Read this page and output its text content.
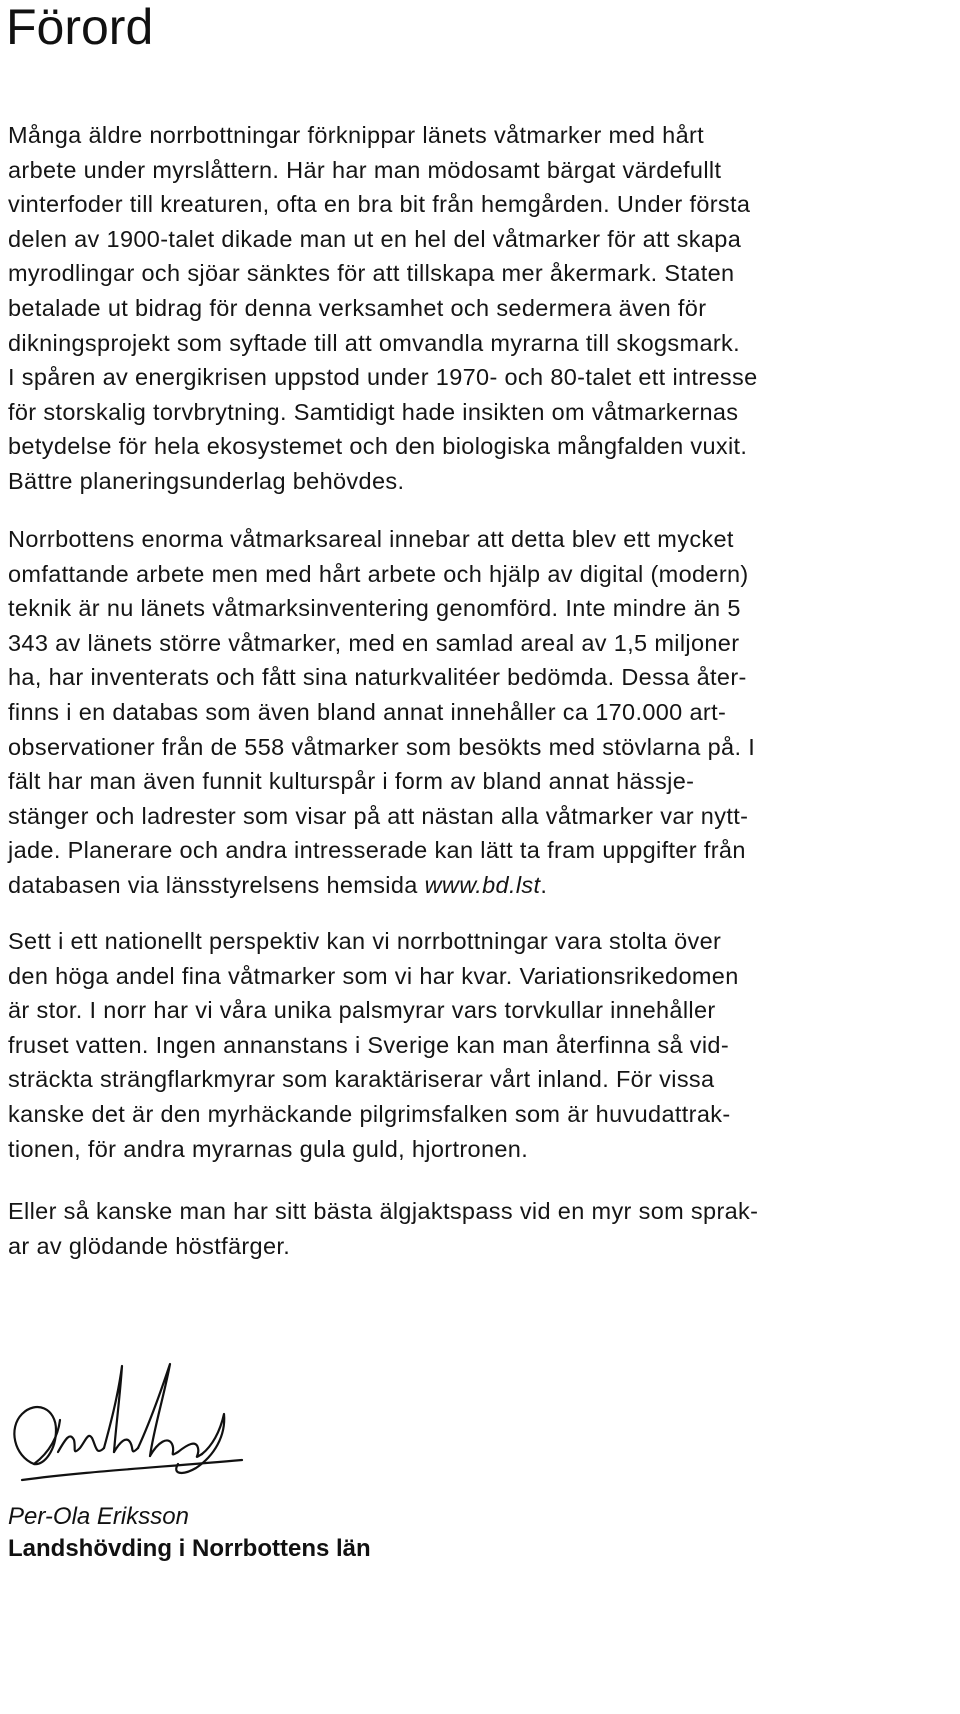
Förord

Många äldre norrbottningar förknippar länets våtmarker med hårt
arbete under myrslåttern. Här har man mödosamt bärgat värdefullt
vinterfoder till kreaturen, ofta en bra bit från hemgården. Under första
delen av 1900-talet dikade man ut en hel del våtmarker för att skapa
myrodlingar och sjöar sänktes för att tillskapa mer åkermark. Staten
betalade ut bidrag för denna verksamhet och sedermera även för
dikningsprojekt som syftade till att omvandla myrarna till skogsmark.
I spåren av energikrisen uppstod under 1970- och 80-talet ett intresse
för storskalig torvbrytning. Samtidigt hade insikten om våtmarkernas
betydelse för hela ekosystemet och den biologiska mångfalden vuxit.
Bättre planeringsunderlag behövdes.

Norrbottens enorma våtmarksareal innebar att detta blev ett mycket
omfattande arbete men med hårt arbete och hjälp av digital (modern)
teknik är nu länets våtmarksinventering genomförd. Inte mindre än 5
343 av länets större våtmarker, med en samlad areal av 1,5 miljoner
ha, har inventerats och fått sina naturkvalitéer bedömda. Dessa åter-
finns i en databas som även bland annat innehåller ca 170.000 art-
observationer från de 558 våtmarker som besökts med stövlarna på. I
fält har man även funnit kulturspår i form av bland annat hässje-
stänger och ladrester som visar på att nästan alla våtmarker var nytt-
jade. Planerare och andra intresserade kan lätt ta fram uppgifter från
databasen via länsstyrelsens hemsida www.bd.lst.

Sett i ett nationellt perspektiv kan vi norrbottningar vara stolta över
den höga andel fina våtmarker som vi har kvar. Variationsrikedomen
är stor. I norr har vi våra unika palsmyrar vars torvkullar innehåller
fruset vatten. Ingen annanstans i Sverige kan man återfinna så vid-
sträckta strängflarkmyrar som karaktäriserar vårt inland. För vissa
kanske det är den myrhäckande pilgrimsfalken som är huvudattrak-
tionen, för andra myrarnas gula guld, hjortronen.

Eller så kanske man har sitt bästa älgjaktspass vid en myr som sprak-
ar av glödande höstfärger.

Per-Ola Eriksson

Landshövding i Norrbottens län
